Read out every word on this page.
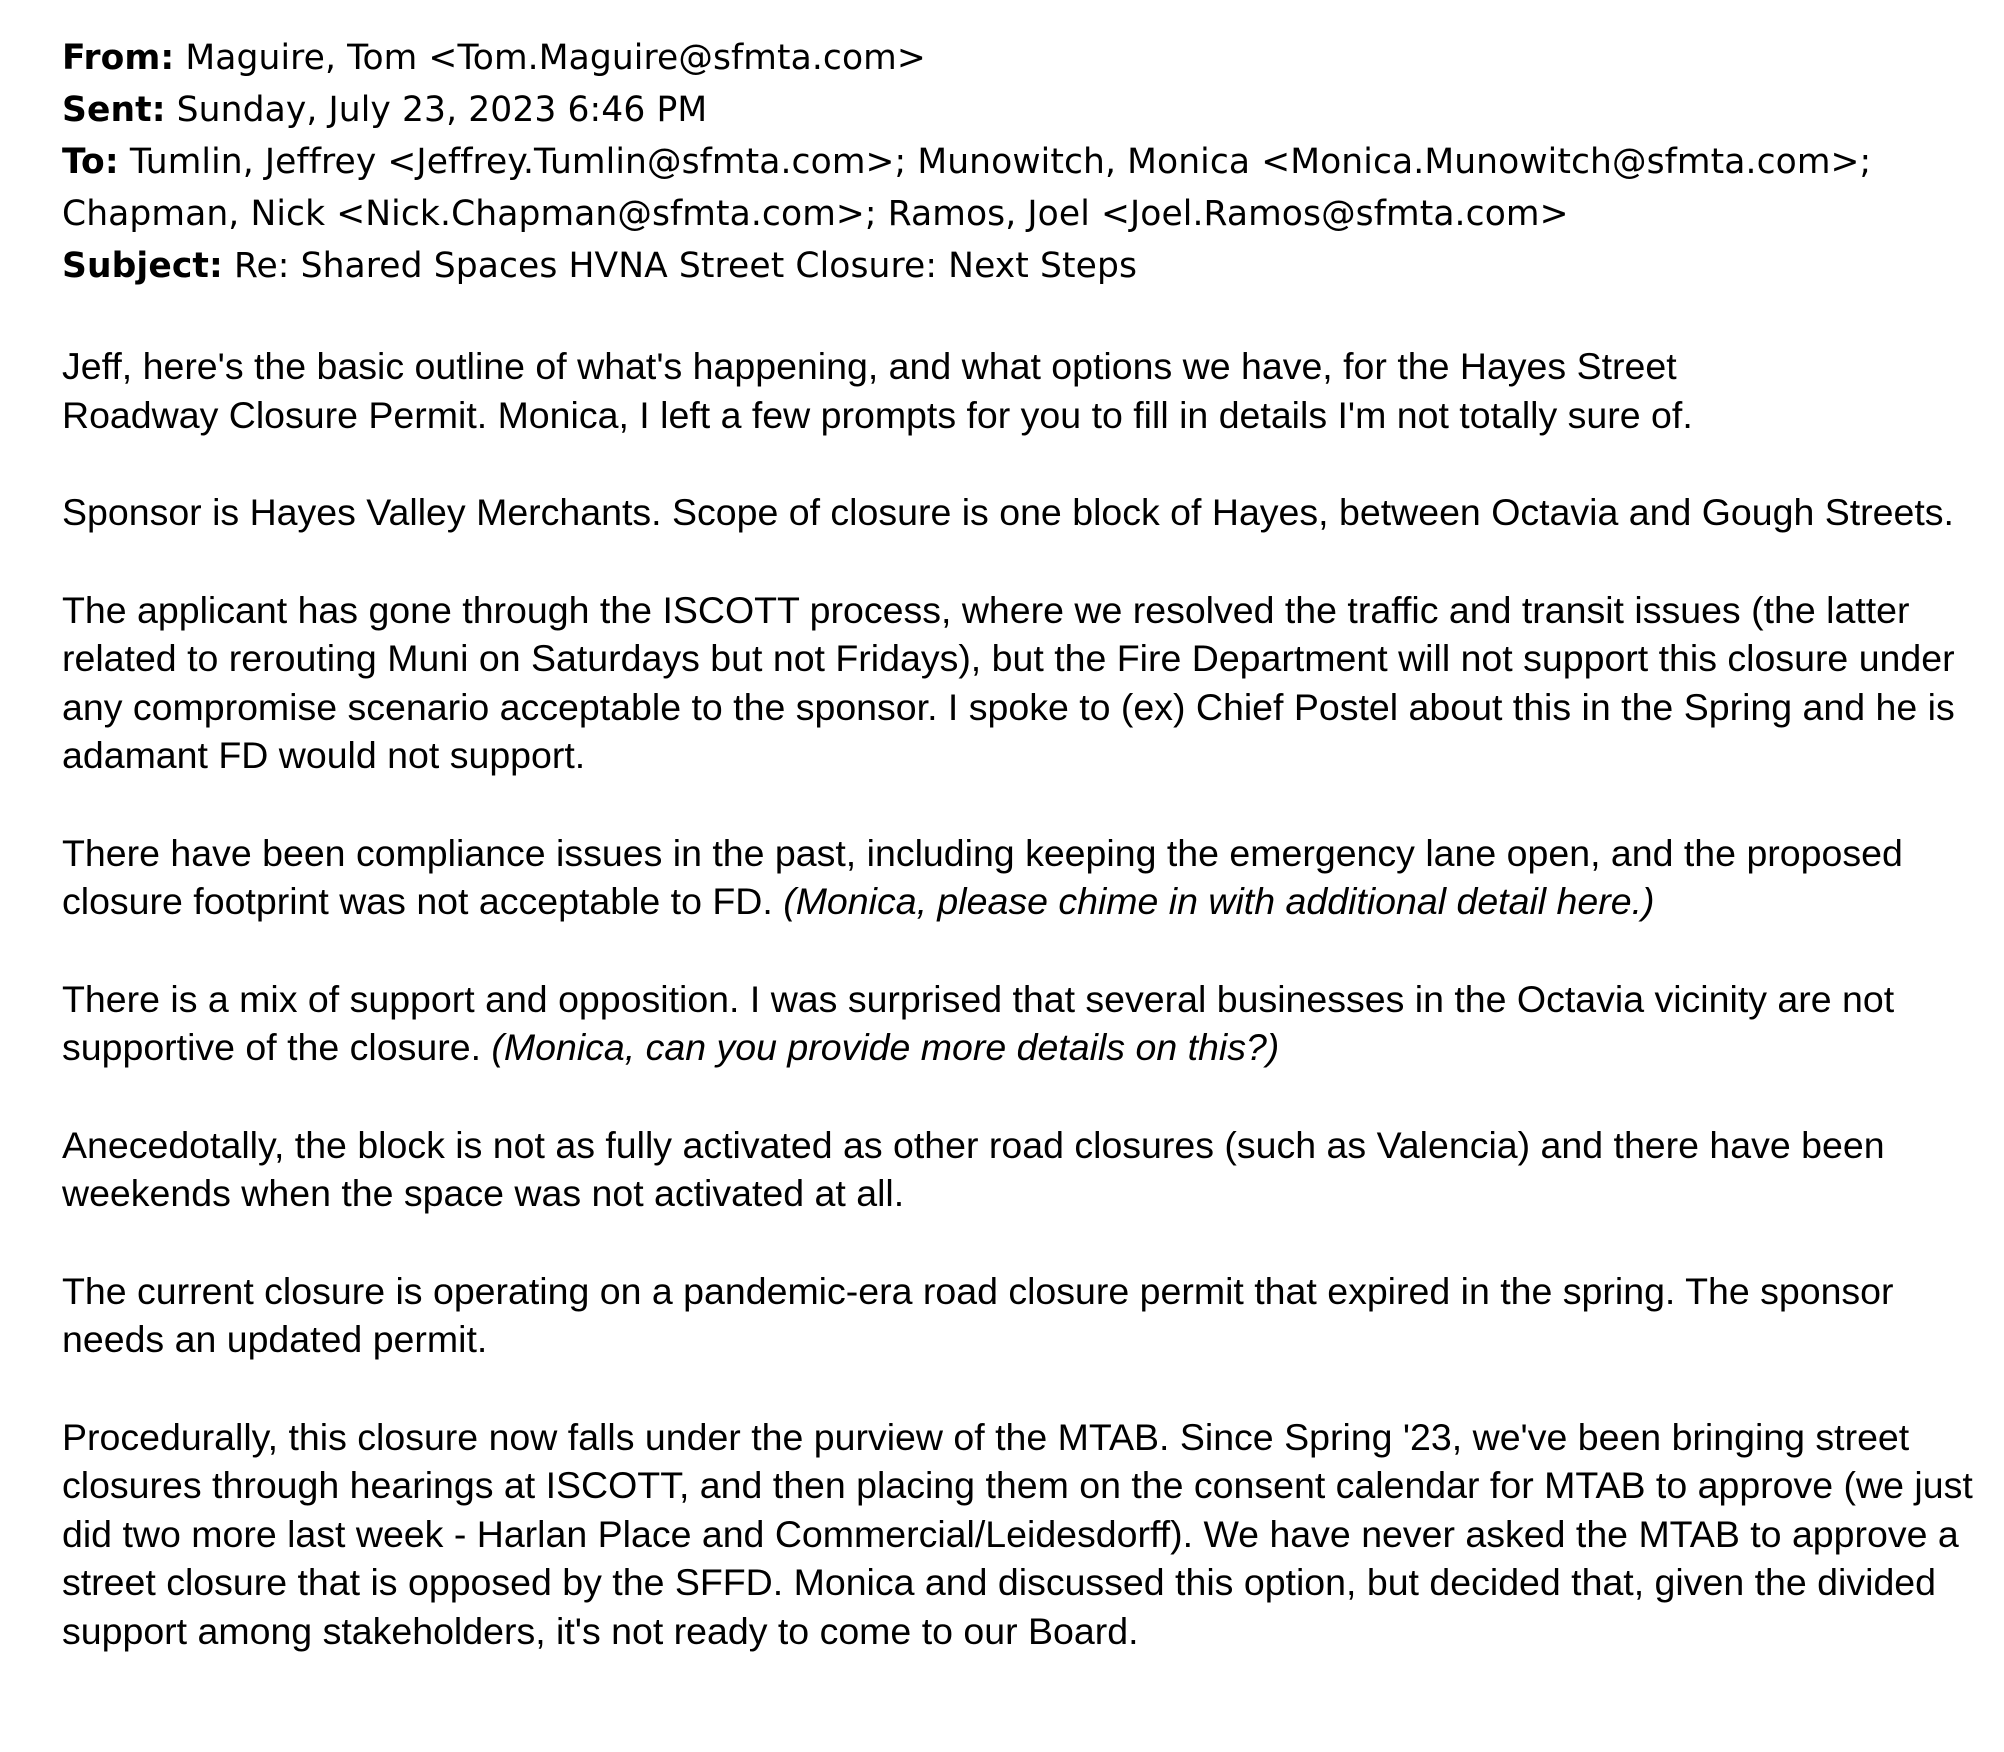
From: Maguire, Tom <Tom.Maguire@sfmta.com>
Sent: Sunday, July 23, 2023 6:46 PM
To: Tumlin, Jeffrey <Jeffrey.Tumlin@sfmta.com>; Munowitch, Monica <Monica.Munowitch@sfmta.com>;
Chapman, Nick <Nick.Chapman@sfmta.com>; Ramos, Joel <Joel.Ramos@sfmta.com>
Subject: Re: Shared Spaces HVNA Street Closure: Next Steps

Jeff, here's the basic outline of what's happening, and what options we have, for the Hayes Street
Roadway Closure Permit. Monica, I left a few prompts for you to fill in details I'm not totally sure of.

Sponsor is Hayes Valley Merchants. Scope of closure is one block of Hayes, between Octavia and Gough Streets.

The applicant has gone through the ISCOTT process, where we resolved the traffic and transit issues (the latter related to rerouting Muni on Saturdays but not Fridays), but the Fire Department will not support this closure under any compromise scenario acceptable to the sponsor. I spoke to (ex) Chief Postel about this in the Spring and he is adamant FD would not support.

There have been compliance issues in the past, including keeping the emergency lane open, and the proposed closure footprint was not acceptable to FD. (Monica, please chime in with additional detail here.)

There is a mix of support and opposition. I was surprised that several businesses in the Octavia vicinity are not supportive of the closure. (Monica, can you provide more details on this?)

Anecedotally, the block is not as fully activated as other road closures (such as Valencia) and there have been weekends when the space was not activated at all.

The current closure is operating on a pandemic-era road closure permit that expired in the spring. The sponsor needs an updated permit.

Procedurally, this closure now falls under the purview of the MTAB. Since Spring '23, we've been bringing street closures through hearings at ISCOTT, and then placing them on the consent calendar for MTAB to approve (we just did two more last week - Harlan Place and Commercial/Leidesdorff). We have never asked the MTAB to approve a street closure that is opposed by the SFFD. Monica and discussed this option, but decided that, given the divided support among stakeholders, it's not ready to come to our Board.
